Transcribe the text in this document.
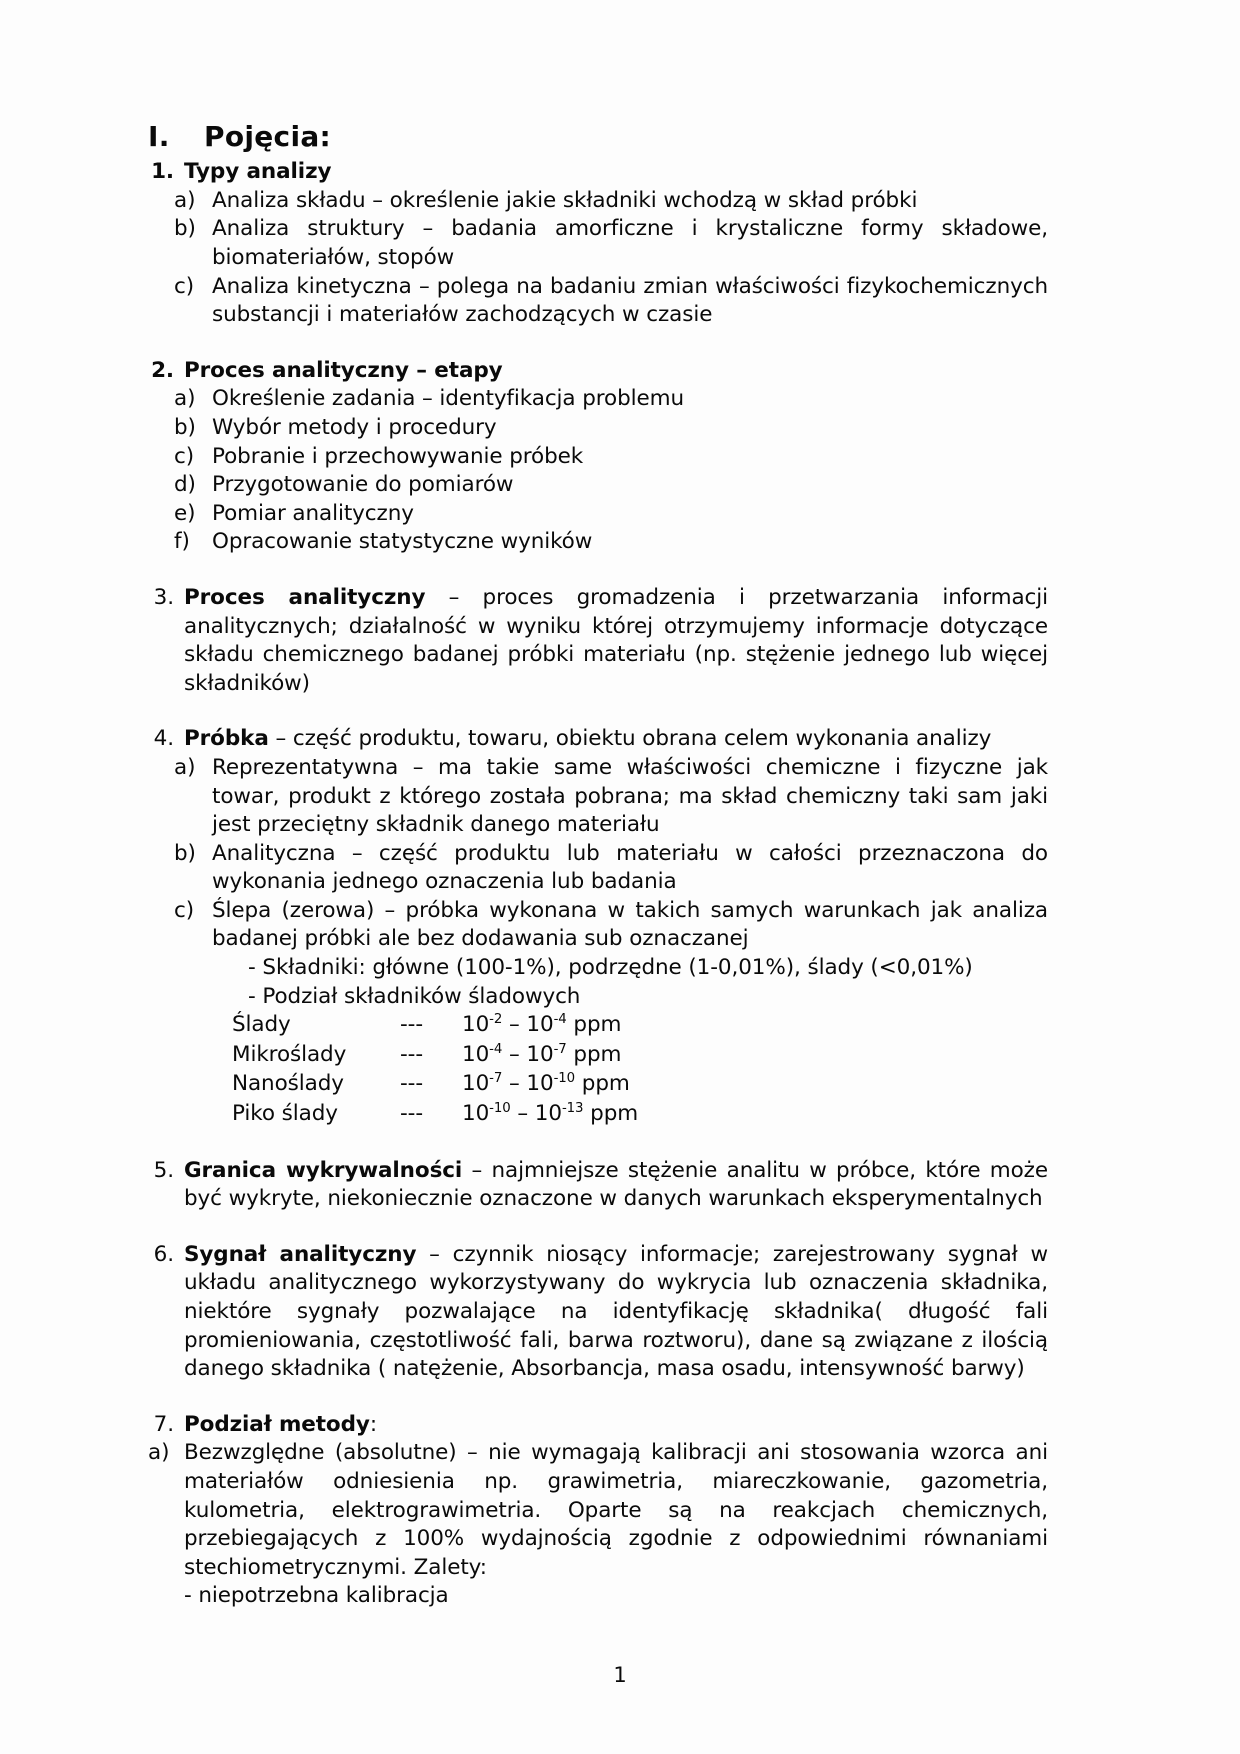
I.	Pojęcia:
1. Typy analizy
a) Analiza składu – określenie jakie składniki wchodzą w skład próbki
b) Analiza struktury – badania amorficzne i krystaliczne formy składowe, biomateriałów, stopów
c) Analiza kinetyczna – polega na badaniu zmian właściwości fizykochemicznych substancji i materiałów zachodzących w czasie
2. Proces analityczny – etapy
a) Określenie zadania – identyfikacja problemu
b) Wybór metody i procedury
c) Pobranie i przechowywanie próbek
d) Przygotowanie do pomiarów
e) Pomiar analityczny
f)	Opracowanie statystyczne wyników
3. Proces analityczny – proces gromadzenia i przetwarzania informacji analitycznych; działalność w wyniku której otrzymujemy informacje dotyczące składu chemicznego badanej próbki materiału (np. stężenie jednego lub więcej składników)
4. Próbka – część produktu, towaru, obiektu obrana celem wykonania analizy
a) Reprezentatywna – ma takie same właściwości chemiczne i fizyczne jak towar, produkt z którego została pobrana; ma skład chemiczny taki sam jaki jest przeciętny składnik danego materiału
b) Analityczna – część produktu lub materiału w całości przeznaczona do wykonania jednego oznaczenia lub badania
c) Ślepa (zerowa) – próbka wykonana w takich samych warunkach jak analiza badanej próbki ale bez dodawania sub oznaczanej
- Składniki: główne (100-1%), podrzędne (1-0,01%), ślady (<0,01%)
- Podział składników śladowych
Ślady	---	$10^{-2} - 10^{-4}$ ppm
Mikroślady	---	$10^{-4} - 10^{-7}$ ppm
Nanoślady	---	$10^{-7} - 10^{-10}$ ppm
Piko ślady	---	$10^{-10} - 10^{-13}$ ppm
5. Granica wykrywalności – najmniejsze stężenie analitu w próbce, które może być wykryte, niekoniecznie oznaczone w danych warunkach eksperymentalnych
6. Sygnał analityczny – czynnik niosący informacje; zarejestrowany sygnał w układu analitycznego wykorzystywany do wykrycia lub oznaczenia składnika, niektóre sygnały pozwalające na identyfikację składnika( długość fali promieniowania, częstotliwość fali, barwa roztworu), dane są związane z ilością danego składnika ( natężenie, Absorbancja, masa osadu, intensywność barwy)
7. Podział metody:
a) Bezwzględne (absolutne) – nie wymagają kalibracji ani stosowania wzorca ani materiałów odniesienia np. grawimetria, miareczkowanie, gazometria, kulometria, elektrograwimetria. Oparte są na reakcjach chemicznych, przebiegających z 100% wydajnością zgodnie z odpowiednimi równaniami stechiometrycznymi. Zalety:
- niepotrzebna kalibracja
1
